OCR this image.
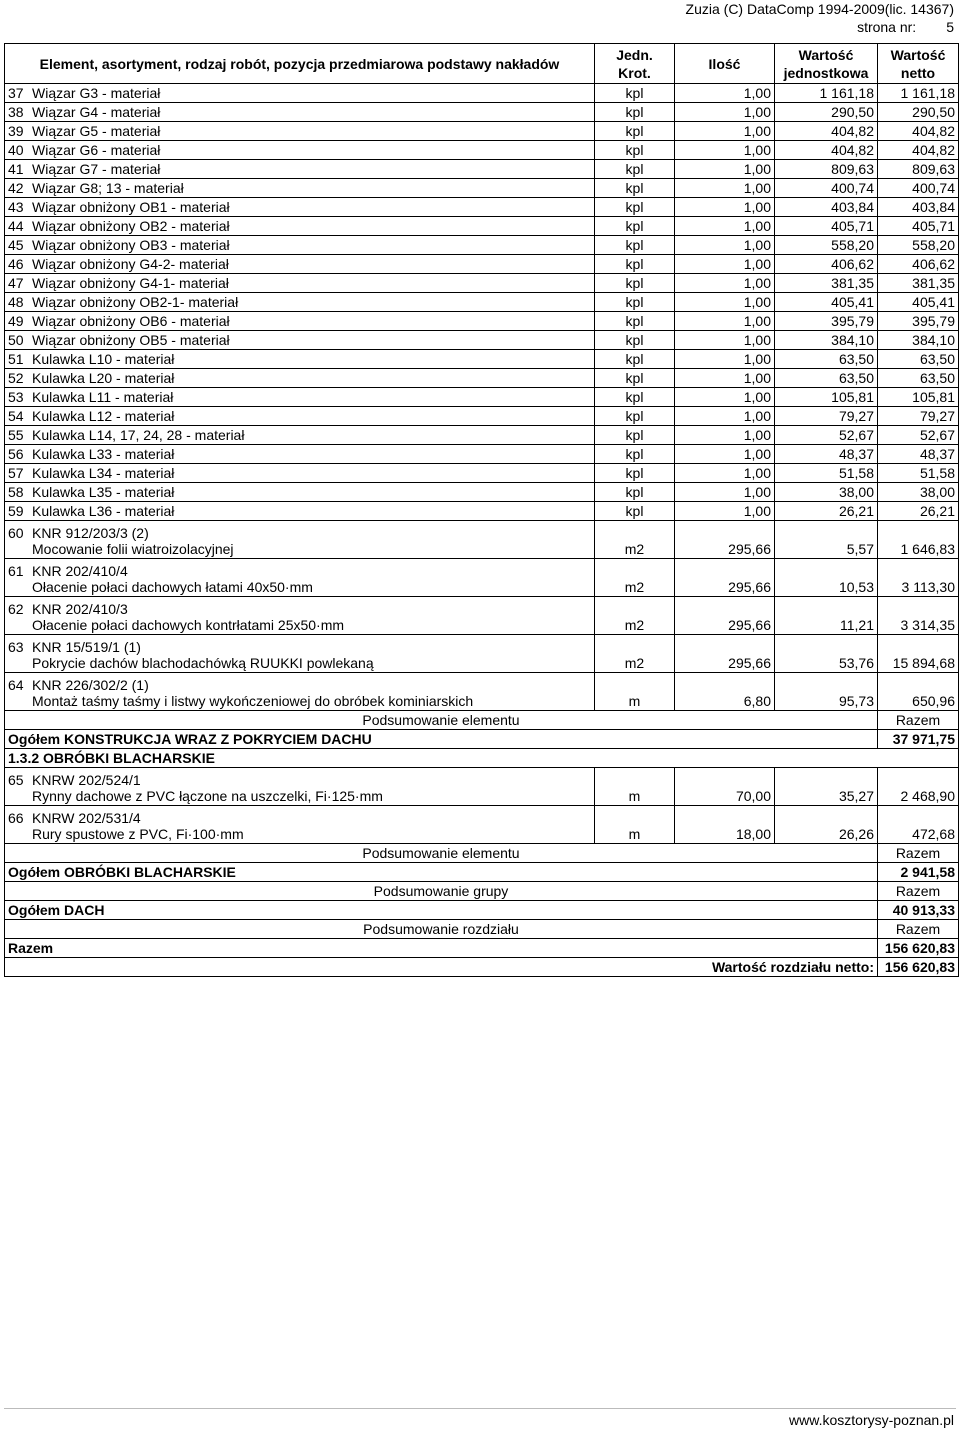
Zuzia (C) DataComp 1994-2009(lic. 14367)
strona nr: 5
Element, asortyment, rodzaj robót, pozycja przedmiarowa podstawy nakładów	Jedn. Krot.	Ilość	Wartość jednostkowa	Wartość netto
37 Wiązar G3 - materiał	kpl	1,00	1 161,18	1 161,18
38 Wiązar G4 - materiał	kpl	1,00	290,50	290,50
39 Wiązar G5 - materiał	kpl	1,00	404,82	404,82
40 Wiązar G6 - materiał	kpl	1,00	404,82	404,82
41 Wiązar G7 - materiał	kpl	1,00	809,63	809,63
42 Wiązar G8; 13 - materiał	kpl	1,00	400,74	400,74
43 Wiązar obniżony OB1 - materiał	kpl	1,00	403,84	403,84
44 Wiązar obniżony OB2 - materiał	kpl	1,00	405,71	405,71
45 Wiązar obniżony OB3 - materiał	kpl	1,00	558,20	558,20
46 Wiązar obniżony G4-2- materiał	kpl	1,00	406,62	406,62
47 Wiązar obniżony G4-1- materiał	kpl	1,00	381,35	381,35
48 Wiązar obniżony OB2-1- materiał	kpl	1,00	405,41	405,41
49 Wiązar obniżony OB6 - materiał	kpl	1,00	395,79	395,79
50 Wiązar obniżony OB5 - materiał	kpl	1,00	384,10	384,10
51 Kulawka L10 - materiał	kpl	1,00	63,50	63,50
52 Kulawka L20 - materiał	kpl	1,00	63,50	63,50
53 Kulawka L11 - materiał	kpl	1,00	105,81	105,81
54 Kulawka L12 - materiał	kpl	1,00	79,27	79,27
55 Kulawka L14, 17, 24, 28 - materiał	kpl	1,00	52,67	52,67
56 Kulawka L33 - materiał	kpl	1,00	48,37	48,37
57 Kulawka L34 - materiał	kpl	1,00	51,58	51,58
58 Kulawka L35 - materiał	kpl	1,00	38,00	38,00
59 Kulawka L36 - materiał	kpl	1,00	26,21	26,21

60 KNR 912/203/3 (2)
Mocowanie folii wiatroizolacyjnej	m2	295,66	5,57	1 646,83

61 KNR 202/410/4
Ołacenie połaci dachowych łatami 40x50·mm	m2	295,66	10,53	3 113,30

62 KNR 202/410/3
Ołacenie połaci dachowych kontrłatami 25x50·mm	m2	295,66	11,21	3 314,35

63 KNR 15/519/1 (1)
Pokrycie dachów blachodachówką RUUKKI powlekaną	m2	295,66	53,76	15 894,68

64 KNR 226/302/2 (1)
Montaż taśmy taśmy i listwy wykończeniowej do obróbek kominiarskich	m	6,80	95,73	650,96
Podsumowanie elementu				Razem
Ogółem KONSTRUKCJA WRAZ Z POKRYCIEM DACHU				37 971,75
1.3.2 OBRÓBKI BLACHARSKIE				

65 KNRW 202/524/1
Rynny dachowe z PVC łączone na uszczelki, Fi·125·mm	m	70,00	35,27	2 468,90

66 KNRW 202/531/4
Rury spustowe z PVC, Fi·100·mm	m	18,00	26,26	472,68
Podsumowanie elementu				Razem
Ogółem OBRÓBKI BLACHARSKIE				2 941,58
Podsumowanie grupy				Razem
Ogółem DACH				40 913,33
Podsumowanie rozdziału				Razem
Razem				156 620,83
Wartość rozdziału netto:				156 620,83
www.kosztorysy-poznan.pl
